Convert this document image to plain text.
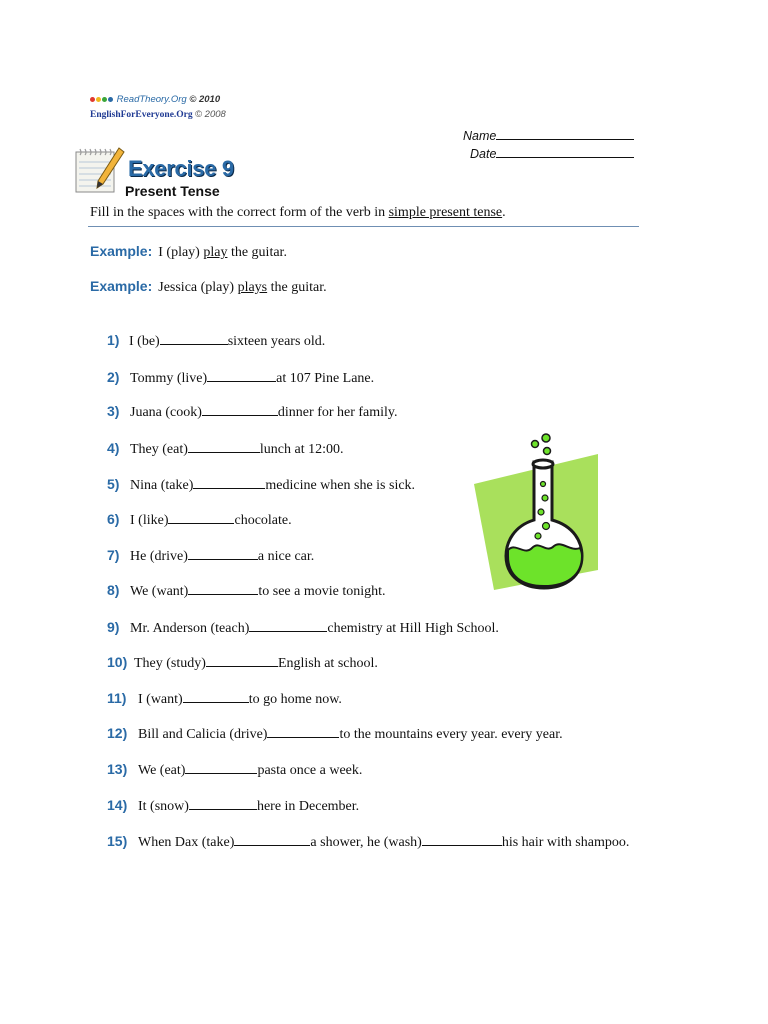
ReadTheory.Org © 2010
EnglishForEveryone.Org © 2008
Name
Date
Exercise 9
Present Tense
Fill in the spaces with the correct form of the verb in simple present tense.
Example: I (play) play the guitar.
Example: Jessica (play) plays the guitar.
1) I (be)	sixteen years old.
2) Tommy (live)	at 107 Pine Lane.
3) Juana (cook)	dinner for her family.
4) They (eat)	lunch at 12:00.
5) Nina (take)	medicine when she is sick.
6) I (like)	chocolate.
7) He (drive)	a nice car.
8) We (want)	to see a movie tonight.
9) Mr. Anderson (teach)	chemistry at Hill High School.
10) They (study)	English at school.
11) I (want)	to go home now.
12) Bill and Calicia (drive)	to the mountains every year. every year.
13) We (eat)	pasta once a week.
14) It (snow)	here in December.
15) When Dax (take)	a shower, he (wash)	his hair with shampoo.
